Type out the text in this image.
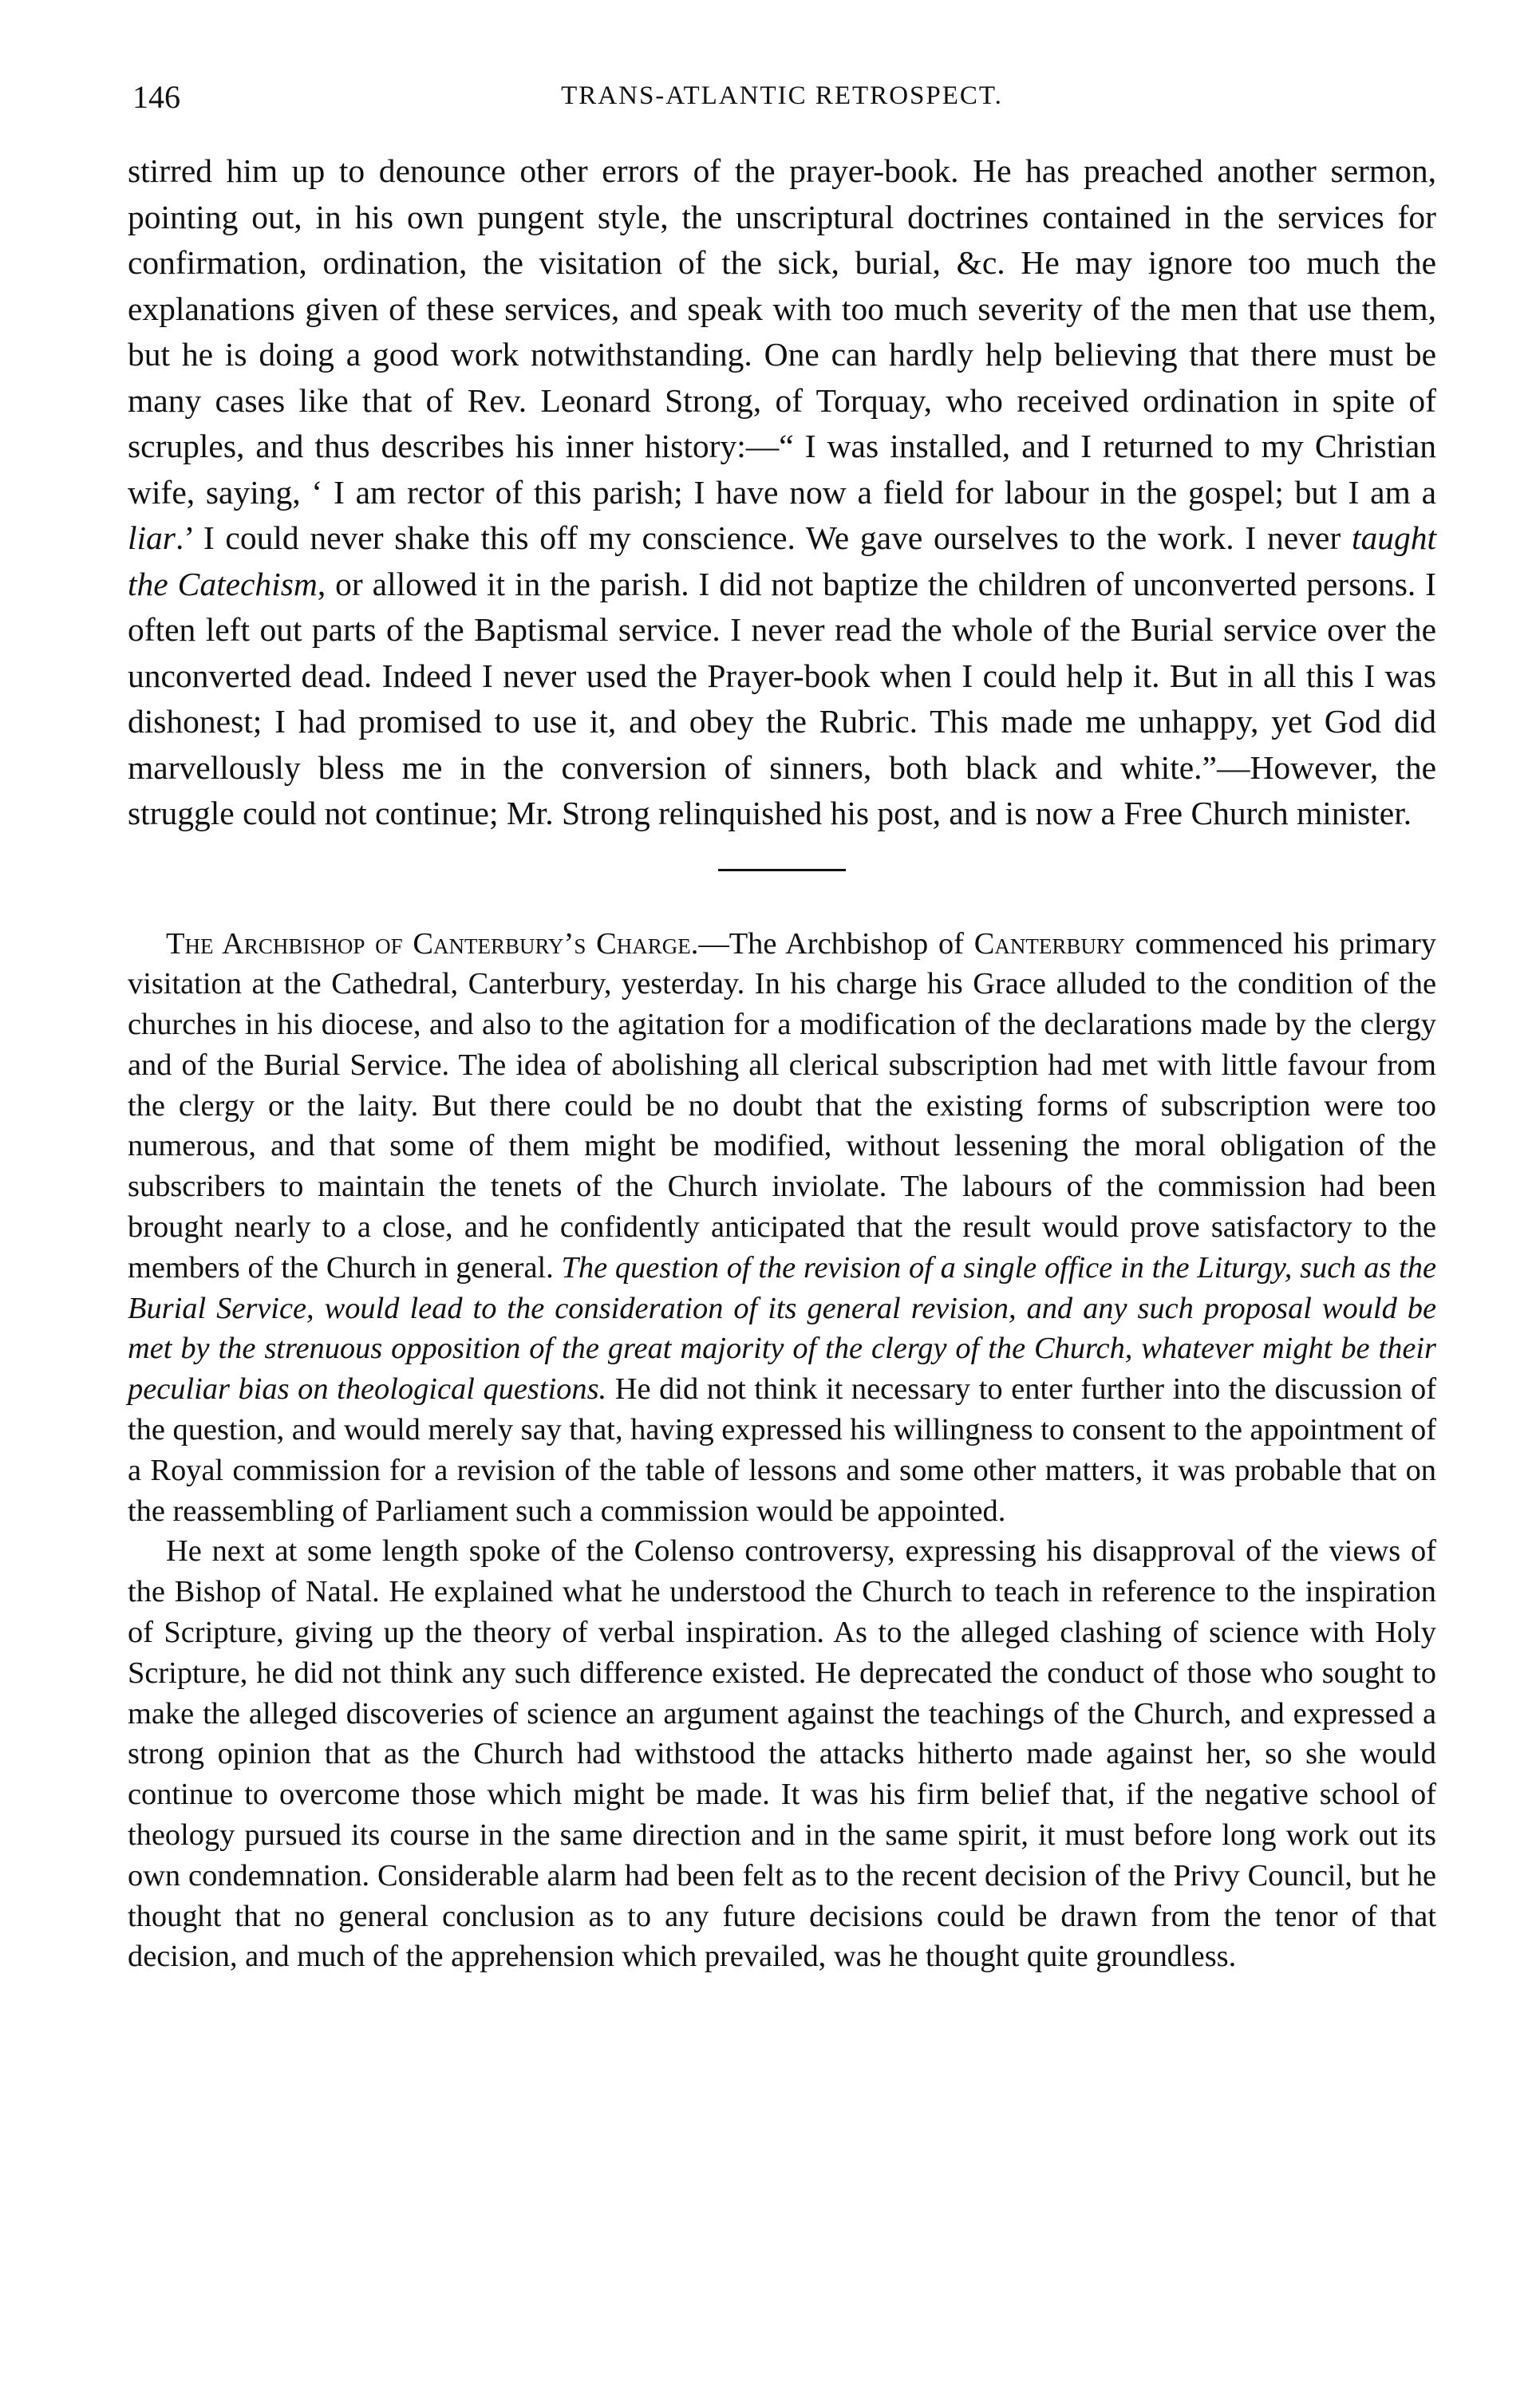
146	TRANS-ATLANTIC RETROSPECT.

stirred him up to denounce other errors of the prayer-book. He has preached another sermon, pointing out, in his own pungent style, the unscriptural doctrines contained in the services for confirmation, ordination, the visitation of the sick, burial, &c. He may ignore too much the explanations given of these services, and speak with too much severity of the men that use them, but he is doing a good work notwithstanding. One can hardly help believing that there must be many cases like that of Rev. Leonard Strong, of Torquay, who received ordination in spite of scruples, and thus describes his inner history:—“ I was installed, and I returned to my Christian wife, saying, ‘ I am rector of this parish; I have now a field for labour in the gospel; but I am a liar.’ I could never shake this off my conscience. We gave ourselves to the work. I never taught the Catechism, or allowed it in the parish. I did not baptize the children of unconverted persons. I often left out parts of the Baptismal service. I never read the whole of the Burial service over the unconverted dead. Indeed I never used the Prayer-book when I could help it. But in all this I was dishonest; I had promised to use it, and obey the Rubric. This made me unhappy, yet God did marvellously bless me in the conversion of sinners, both black and white.”—However, the struggle could not continue; Mr. Strong relinquished his post, and is now a Free Church minister.

The Archbishop of Canterbury’s Charge.—The Archbishop of Canterbury commenced his primary visitation at the Cathedral, Canterbury, yesterday. In his charge his Grace alluded to the condition of the churches in his diocese, and also to the agitation for a modification of the declarations made by the clergy and of the Burial Service. The idea of abolishing all clerical subscription had met with little favour from the clergy or the laity. But there could be no doubt that the existing forms of subscription were too numerous, and that some of them might be modified, without lessening the moral obligation of the subscribers to maintain the tenets of the Church inviolate. The labours of the commission had been brought nearly to a close, and he confidently anticipated that the result would prove satisfactory to the members of the Church in general. The question of the revision of a single office in the Liturgy, such as the Burial Service, would lead to the consideration of its general revision, and any such proposal would be met by the strenuous opposition of the great majority of the clergy of the Church, whatever might be their peculiar bias on theological questions. He did not think it necessary to enter further into the discussion of the question, and would merely say that, having expressed his willingness to consent to the appointment of a Royal commission for a revision of the table of lessons and some other matters, it was probable that on the reassembling of Parliament such a commission would be appointed.

He next at some length spoke of the Colenso controversy, expressing his disapproval of the views of the Bishop of Natal. He explained what he understood the Church to teach in reference to the inspiration of Scripture, giving up the theory of verbal inspiration. As to the alleged clashing of science with Holy Scripture, he did not think any such difference existed. He deprecated the conduct of those who sought to make the alleged discoveries of science an argument against the teachings of the Church, and expressed a strong opinion that as the Church had withstood the attacks hitherto made against her, so she would continue to overcome those which might be made. It was his firm belief that, if the negative school of theology pursued its course in the same direction and in the same spirit, it must before long work out its own condemnation. Considerable alarm had been felt as to the recent decision of the Privy Council, but he thought that no general conclusion as to any future decisions could be drawn from the tenor of that decision, and much of the apprehension which prevailed, was he thought quite groundless.
